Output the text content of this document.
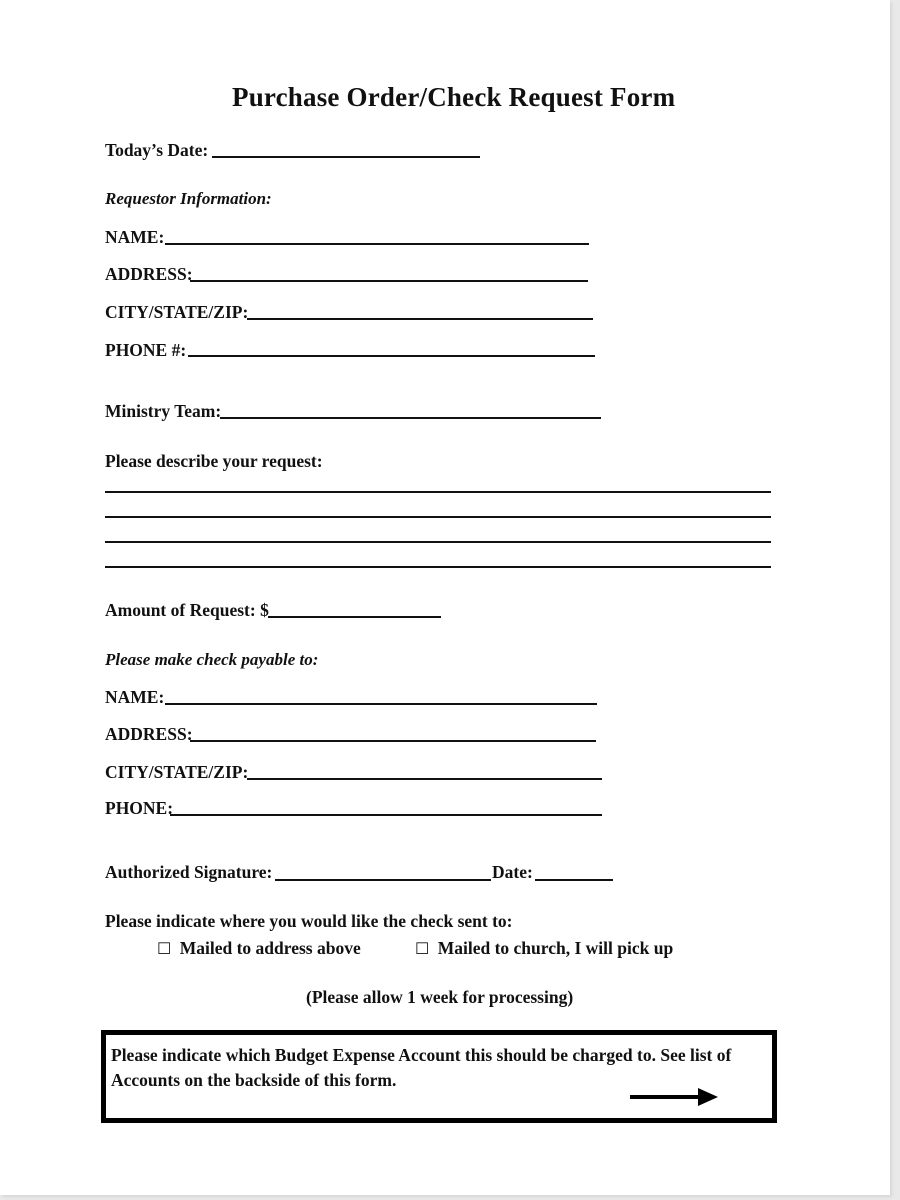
Purchase Order/Check Request Form
Today’s Date:
Requestor Information:
NAME:
ADDRESS:
CITY/STATE/ZIP:
PHONE #:
Ministry Team:
Please describe your request:
Amount of Request: $
Please make check payable to:
NAME:
ADDRESS:
CITY/STATE/ZIP:
PHONE:
Authorized Signature:	Date:
Please indicate where you would like the check sent to:
☐ Mailed to address above	☐ Mailed to church, I will pick up
(Please allow 1 week for processing)
Please indicate which Budget Expense Account this should be charged to. See list of
Accounts on the backside of this form.
